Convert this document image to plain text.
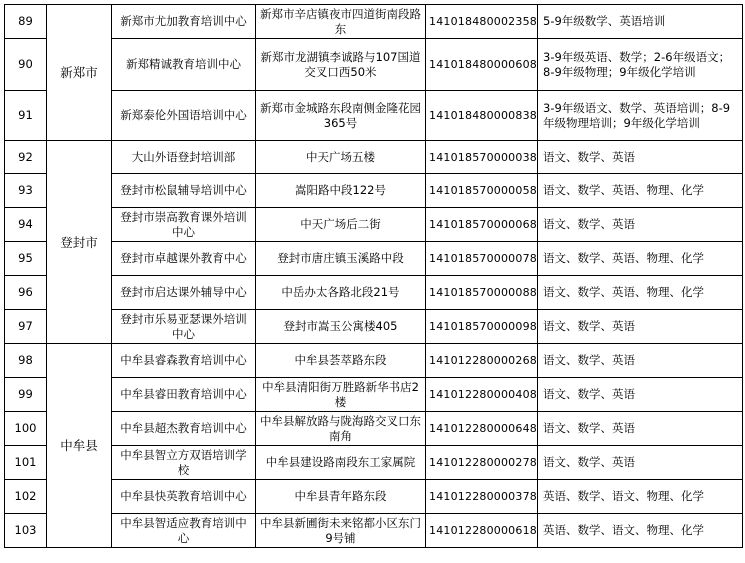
89	新郑市	新郑市尤加教育培训中心	新郑市辛店镇夜市四道街南段路东	141018480002358	5-9年级数学、英语培训
90		新郑精诚教育培训中心	新郑市龙湖镇李诚路与107国道交叉口西50米	141018480000608	3-9年级英语、数学；2-6年级语文；8-9年级物理；9年级化学培训
91		新郑泰伦外国语培训中心	新郑市金城路东段南侧金隆花园365号	141018480000838	3-9年级语文、数学、英语培训；8-9年级物理培训；9年级化学培训
92	登封市	大山外语登封培训部	中天广场五楼	141018570000038	语文、数学、英语
93		登封市松鼠辅导培训中心	嵩阳路中段122号	141018570000058	语文、数学、英语、物理、化学
94		登封市崇高教育课外培训中心	中天广场后二街	141018570000068	语文、数学、英语
95		登封市卓越课外教育中心	登封市唐庄镇玉溪路中段	141018570000078	语文、数学、英语、物理、化学
96		登封市启达课外辅导中心	中岳办太各路北段21号	141018570000088	语文、数学、英语、物理、化学
97		登封市乐易亚瑟课外培训中心	登封市嵩玉公寓楼405	141018570000098	语文、数学、英语
98	中牟县	中牟县睿森教育培训中心	中牟县荟萃路东段	141012280000268	语文、数学、英语
99		中牟县睿田教育培训中心	中牟县清阳街万胜路新华书店2楼	141012280000408	语文、数学、英语
100		中牟县超杰教育培训中心	中牟县解放路与陇海路交叉口东南角	141012280000648	语文、数学、英语
101		中牟县智立方双语培训学校	中牟县建设路南段东工家属院	141012280000278	语文、数学、英语
102		中牟县快英教育培训中心	中牟县青年路东段	141012280000378	英语、数学、语文、物理、化学
103		中牟县智适应教育培训中心	中牟县新圃街未来铭都小区东门9号铺	141012280000618	英语、数学、语文、物理、化学
